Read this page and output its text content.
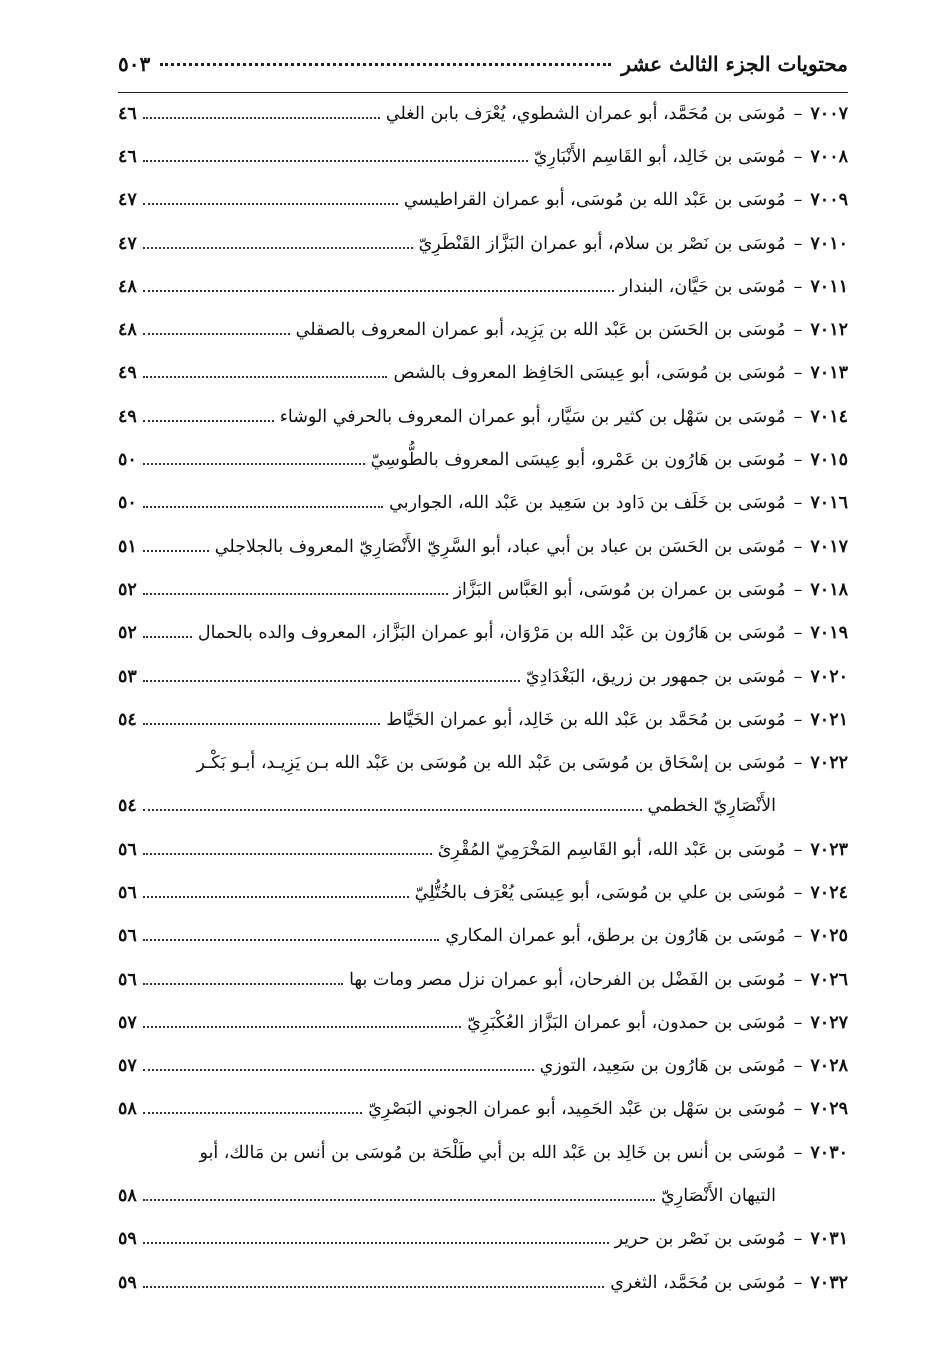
محتويات الجزء الثالث عشر
٥٠٣
٧٠٠٧
–
مُوسَى بن مُحَمَّد، أبو عمران الشطوي، يُعْرَف بابن الغلي
٤٦
٧٠٠٨
–
مُوسَى بن خَالِد، أبو القَاسِم الأَنْبَارِيّ
٤٦
٧٠٠٩
–
مُوسَى بن عَبْد الله بن مُوسَى، أبو عمران القراطيسي
٤٧
٧٠١٠
–
مُوسَى بن نَصْر بن سلام، أبو عمران البَزَّاز القَنْطَرِيّ
٤٧
٧٠١١
–
مُوسَى بن حَيَّان، البندار
٤٨
٧٠١٢
–
مُوسَى بن الحَسَن بن عَبْد الله بن يَزِيد، أبو عمران المعروف بالصقلي
٤٨
٧٠١٣
–
مُوسَى بن مُوسَى، أبو عِيسَى الحَافِظ المعروف بالشص
٤٩
٧٠١٤
–
مُوسَى بن سَهْل بن كثير بن سَيَّار، أبو عمران المعروف بالحرفي الوشاء
٤٩
٧٠١٥
–
مُوسَى بن هَارُون بن عَمْرو، أبو عِيسَى المعروف بالطُّوسِيّ
٥٠
٧٠١٦
–
مُوسَى بن خَلَف بن دَاود بن سَعِيد بن عَبْد الله، الجواربي
٥٠
٧٠١٧
–
مُوسَى بن الحَسَن بن عباد بن أبي عباد، أبو السَّرِيّ الأَنْصَارِيّ المعروف بالجلاجلي
٥١
٧٠١٨
–
مُوسَى بن عمران بن مُوسَى، أبو العَبَّاس البَزَّاز
٥٢
٧٠١٩
–
مُوسَى بن هَارُون بن عَبْد الله بن مَرْوَان، أبو عمران البَزَّاز، المعروف والده بالحمال
٥٢
٧٠٢٠
–
مُوسَى بن جمهور بن زريق، البَغْدَادِيّ
٥٣
٧٠٢١
–
مُوسَى بن مُحَمَّد بن عَبْد الله بن خَالِد، أبو عمران الخَيَّاط
٥٤
٧٠٢٢
–
مُوسَى بن إسْحَاق بن مُوسَى بن عَبْد الله بن مُوسَى بن عَبْد الله بـن يَزِيـد، أبـو بَكْـر
الأَنْصَارِيّ الخطمي
٥٤
٧٠٢٣
–
مُوسَى بن عَبْد الله، أبو القَاسِم المَخْرَمِيّ المُقْرِئ
٥٦
٧٠٢٤
–
مُوسَى بن علي بن مُوسَى، أبو عِيسَى يُعْرَف بالخُتُّلِيّ
٥٦
٧٠٢٥
–
مُوسَى بن هَارُون بن برطق، أبو عمران المكاري
٥٦
٧٠٢٦
–
مُوسَى بن الفَضْل بن الفرحان، أبو عمران نزل مصر ومات بها
٥٦
٧٠٢٧
–
مُوسَى بن حمدون، أبو عمران البَزَّاز العُكْبَرِيّ
٥٧
٧٠٢٨
–
مُوسَى بن هَارُون بن سَعِيد، التوزي
٥٧
٧٠٢٩
–
مُوسَى بن سَهْل بن عَبْد الحَمِيد، أبو عمران الجوني البَصْرِيّ
٥٨
٧٠٣٠
–
مُوسَى بن أنس بن خَالِد بن عَبْد الله بن أبي طَلْحَة بن مُوسَى بن أنس بن مَالك، أبو
التيهان الأَنْصَارِيّ
٥٨
٧٠٣١
–
مُوسَى بن نَصْر بن حرير
٥٩
٧٠٣٢
–
مُوسَى بن مُحَمَّد، الثغري
٥٩
